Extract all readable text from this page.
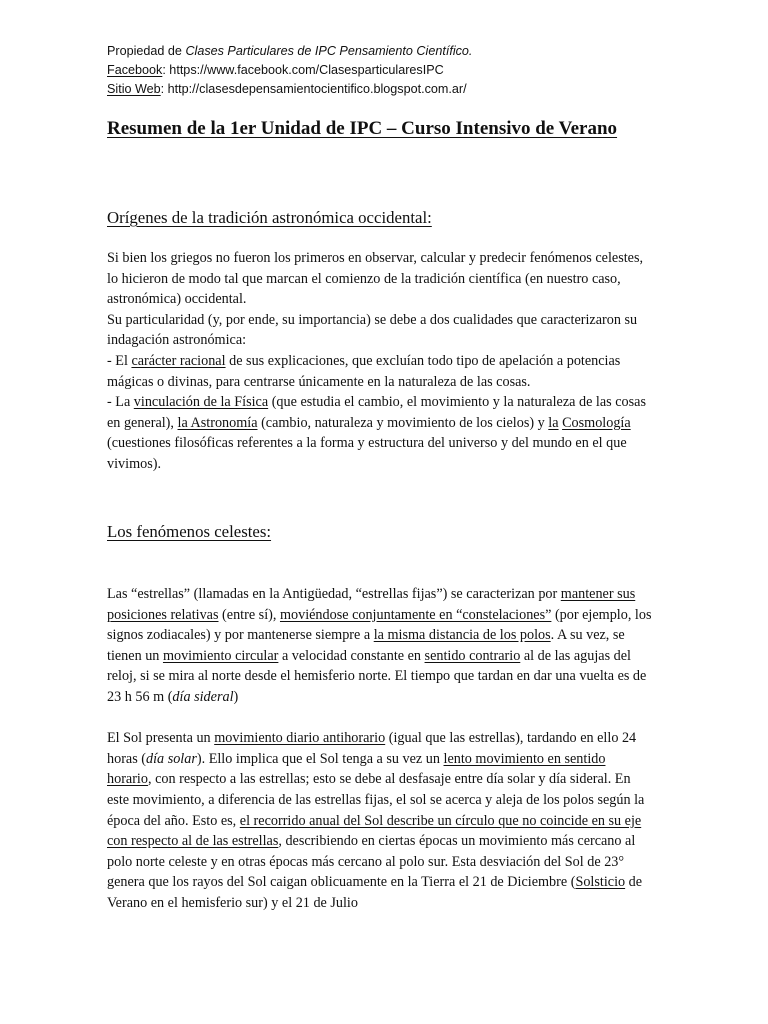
Propiedad de Clases Particulares de IPC Pensamiento Científico.
Facebook: https://www.facebook.com/ClasesparticularesIPC
Sitio Web: http://clasesdepensamientocientifico.blogspot.com.ar/
Resumen de la 1er Unidad de IPC – Curso Intensivo de Verano
Orígenes de la tradición astronómica occidental:
Si bien los griegos no fueron los primeros en observar, calcular y predecir fenómenos celestes, lo hicieron de modo tal que marcan el comienzo de la tradición científica (en nuestro caso, astronómica) occidental.
Su particularidad (y, por ende, su importancia) se debe a dos cualidades que caracterizaron su indagación astronómica:
- El carácter racional de sus explicaciones, que excluían todo tipo de apelación a potencias mágicas o divinas, para centrarse únicamente en la naturaleza de las cosas.
- La vinculación de la Física (que estudia el cambio, el movimiento y la naturaleza de las cosas en general), la Astronomía (cambio, naturaleza y movimiento de los cielos) y la Cosmología (cuestiones filosóficas referentes a la forma y estructura del universo y del mundo en el que vivimos).
Los fenómenos celestes:

Las “estrellas” (llamadas en la Antigüedad, “estrellas fijas”) se caracterizan por mantener sus posiciones relativas (entre sí), moviéndose conjuntamente en “constelaciones” (por ejemplo, los signos zodiacales) y por mantenerse siempre a la misma distancia de los polos. A su vez, se tienen un movimiento circular a velocidad constante en sentido contrario al de las agujas del reloj, si se mira al norte desde el hemisferio norte. El tiempo que tardan en dar una vuelta es de 23 h 56 m (día sideral)

El Sol presenta un movimiento diario antihorario (igual que las estrellas), tardando en ello 24 horas (día solar). Ello implica que el Sol tenga a su vez un lento movimiento en sentido horario, con respecto a las estrellas; esto se debe al desfasaje entre día solar y día sideral. En este movimiento, a diferencia de las estrellas fijas, el sol se acerca y aleja de los polos según la época del año. Esto es, el recorrido anual del Sol describe un círculo que no coincide en su eje con respecto al de las estrellas, describiendo en ciertas épocas un movimiento más cercano al polo norte celeste y en otras épocas más cercano al polo sur. Esta desviación del Sol de 23° genera que los rayos del Sol caigan oblicuamente en la Tierra el 21 de Diciembre (Solsticio de Verano en el hemisferio sur) y el 21 de Julio
